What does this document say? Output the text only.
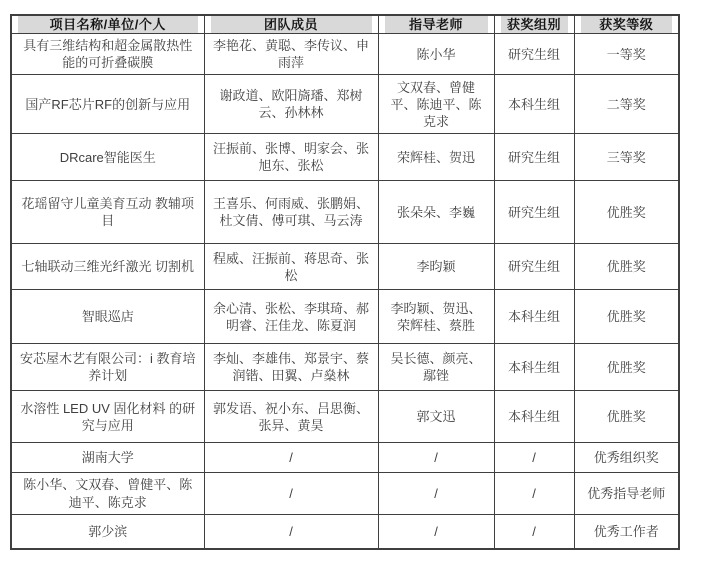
项目名称/单位/个人	团队成员	指导老师	获奖组别	获奖等级

具有三维结构和超金属散热性能的可折叠碳膜	李艳花、黄聪、李传议、申雨萍	陈小华	研究生组	一等奖
国产RF芯片RF的创新与应用	谢政道、欧阳旖璠、郑树云、孙林林	文双春、曾健平、陈迪平、陈克求	本科生组	二等奖
DRcare智能医生	汪振前、张博、明家会、张旭东、张松	荣辉桂、贺迅	研究生组	三等奖
花瑶留守儿童美育互动 教辅项目	王喜乐、何雨威、张鹏娟、杜文倩、傅可琪、马云涛	张朵朵、李巍	研究生组	优胜奖
七轴联动三维光纤激光 切割机	程威、汪振前、蒋思奇、张松	李昀颖	研究生组	优胜奖
智眼巡店	余心清、张松、李琪琦、郝明睿、汪佳龙、陈夏润	李昀颖、贺迅、荣辉桂、蔡胜	本科生组	优胜奖
安芯屋木艺有限公司：i 教育培养计划	李灿、李雄伟、郑景宇、蔡润锴、田翼、卢燊林	吴长德、颜亮、鄢锉	本科生组	优胜奖
水溶性 LED UV 固化材料 的研究与应用	郭发语、祝小东、吕思衡、张异、黄昊	郭文迅	本科生组	优胜奖
湖南大学	/	/	/	优秀组织奖
陈小华、文双春、曾健平、陈迪平、陈克求	/	/	/	优秀指导老师
郭少滨	/	/	/	优秀工作者
